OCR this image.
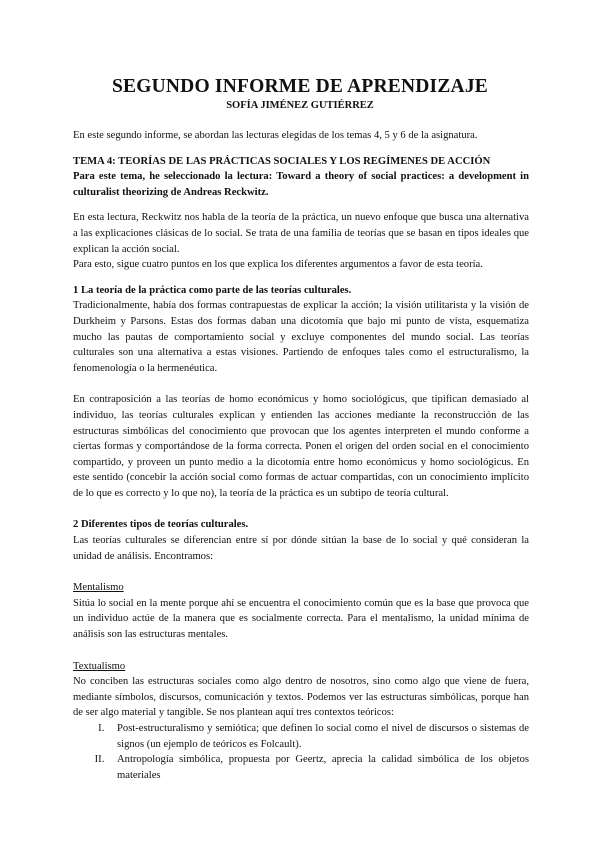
SEGUNDO INFORME DE APRENDIZAJE
SOFÍA JIMÉNEZ GUTIÉRREZ

En este segundo informe, se abordan las lecturas elegidas de los temas 4, 5 y 6 de la asignatura.

TEMA 4: TEORÍAS DE LAS PRÁCTICAS SOCIALES Y LOS REGÍMENES DE ACCIÓN

Para este tema, he seleccionado la lectura: Toward a theory of social practices: a development in culturalist theorizing de Andreas Reckwitz.

En esta lectura, Reckwitz nos habla de la teoría de la práctica, un nuevo enfoque que busca una alternativa a las explicaciones clásicas de lo social. Se trata de una familia de teorías que se basan en tipos ideales que explican la acción social.

Para esto, sigue cuatro puntos en los que explica los diferentes argumentos a favor de esta teoría.

1 La teoría de la práctica como parte de las teorías culturales.

Tradicionalmente, había dos formas contrapuestas de explicar la acción; la visión utilitarista y la visión de Durkheim y Parsons. Estas dos formas daban una dicotomía que bajo mi punto de vista, esquematiza mucho las pautas de comportamiento social y excluye componentes del mundo social. Las teorías culturales son una alternativa a estas visiones. Partiendo de enfoques tales como el estructuralismo, la fenomenología o la hermenéutica.

En contraposición a las teorías de homo económicus y homo sociológicus, que tipifican demasiado al individuo, las teorías culturales explican y entienden las acciones mediante la reconstrucción de las estructuras simbólicas del conocimiento que provocan que los agentes interpreten el mundo conforme a ciertas formas y comportándose de la forma correcta. Ponen el origen del orden social en el conocimiento compartido, y proveen un punto medio a la dicotomía entre homo económicus y homo sociológicus. En este sentido (concebir la acción social como formas de actuar compartidas, con un conocimiento implícito de lo que es correcto y lo que no), la teoría de la práctica es un subtipo de teoría cultural.

2 Diferentes tipos de teorías culturales.

Las teorías culturales se diferencian entre sí por dónde sitúan la base de lo social y qué consideran la unidad de análisis. Encontramos:

Mentalismo

Sitúa lo social en la mente porque ahí se encuentra el conocimiento común que es la base que provoca que un individuo actúe de la manera que es socialmente correcta. Para el mentalismo, la unidad mínima de análisis son las estructuras mentales.

Textualismo

No conciben las estructuras sociales como algo dentro de nosotros, sino como algo que viene de fuera, mediante símbolos, discursos, comunicación y textos. Podemos ver las estructuras simbólicas, porque han de ser algo material y tangible. Se nos plantean aquí tres contextos teóricos:

I. Post-estructuralismo y semiótica; que definen lo social como el nivel de discursos o sistemas de signos (un ejemplo de teóricos es Folcault).
II. Antropología simbólica, propuesta por Geertz, aprecia la calidad simbólica de los objetos materiales
